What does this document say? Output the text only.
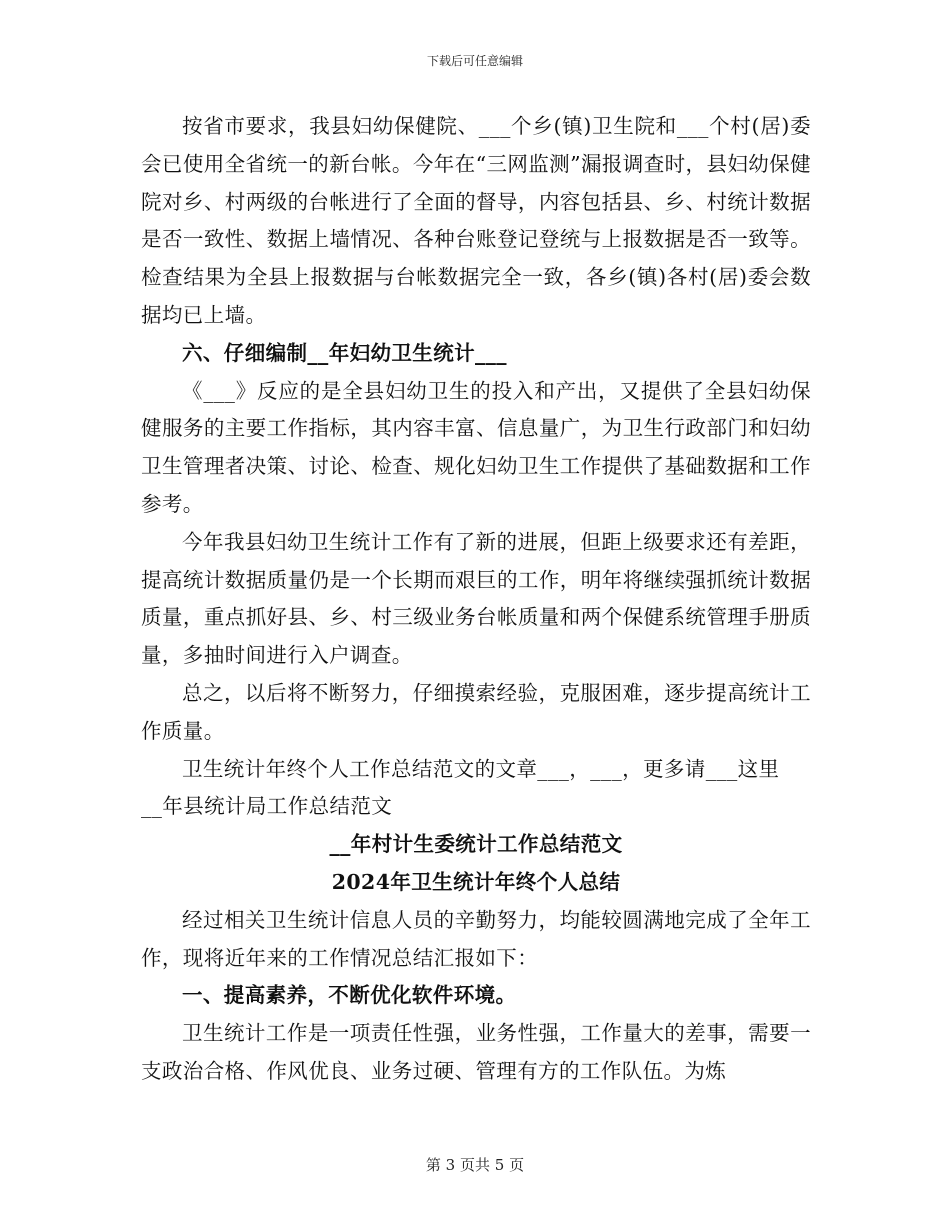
下载后可任意编辑

按省市要求，我县妇幼保健院、___个乡(镇)卫生院和___个村(居)委会已使用全省统一的新台帐。今年在“三网监测”漏报调查时，县妇幼保健院对乡、村两级的台帐进行了全面的督导，内容包括县、乡、村统计数据是否一致性、数据上墙情况、各种台账登记登统与上报数据是否一致等。检查结果为全县上报数据与台帐数据完全一致，各乡(镇)各村(居)委会数据均已上墙。

六、仔细编制__年妇幼卫生统计___

《___》反应的是全县妇幼卫生的投入和产出，又提供了全县妇幼保健服务的主要工作指标，其内容丰富、信息量广，为卫生行政部门和妇幼卫生管理者决策、讨论、检查、规化妇幼卫生工作提供了基础数据和工作参考。

今年我县妇幼卫生统计工作有了新的进展，但距上级要求还有差距，提高统计数据质量仍是一个长期而艰巨的工作，明年将继续强抓统计数据质量，重点抓好县、乡、村三级业务台帐质量和两个保健系统管理手册质量，多抽时间进行入户调查。

总之，以后将不断努力，仔细摸索经验，克服困难，逐步提高统计工作质量。

卫生统计年终个人工作总结范文的文章___，___，更多请___这里

__年县统计局工作总结范文

__年村计生委统计工作总结范文

2024年卫生统计年终个人总结

经过相关卫生统计信息人员的辛勤努力，均能较圆满地完成了全年工作，现将近年来的工作情况总结汇报如下：

一、提高素养，不断优化软件环境。

卫生统计工作是一项责任性强，业务性强，工作量大的差事，需要一支政治合格、作风优良、业务过硬、管理有方的工作队伍。为炼

第 3 页共 5 页
